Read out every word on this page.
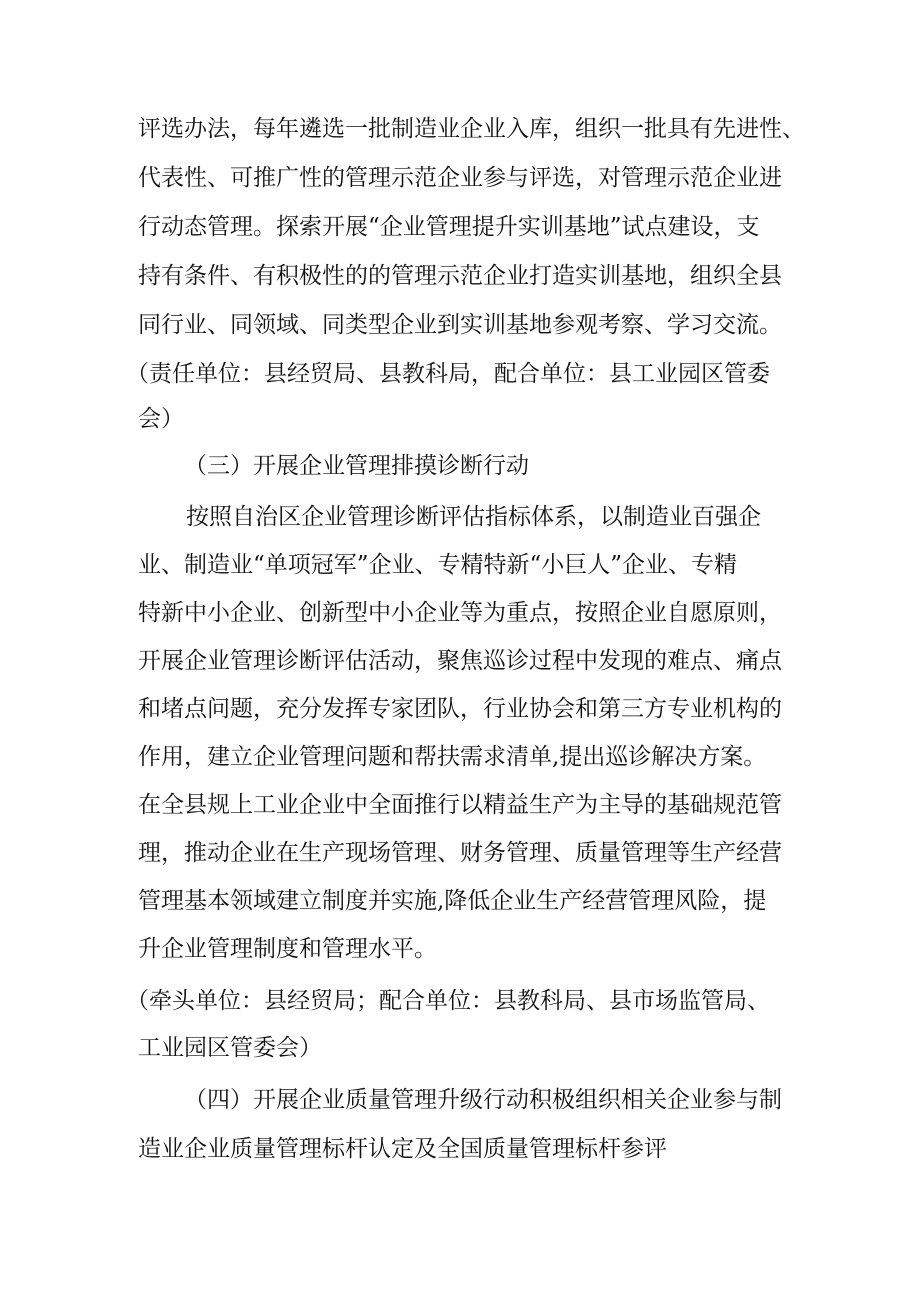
评选办法，每年遴选一批制造业企业入库，组织一批具有先进性、
代表性、可推广性的管理示范企业参与评选，对管理示范企业进
行动态管理。探索开展“企业管理提升实训基地”试点建设，支
持有条件、有积极性的的管理示范企业打造实训基地，组织全县
同行业、同领域、同类型企业到实训基地参观考察、学习交流。
（责任单位：县经贸局、县教科局，配合单位：县工业园区管委
会）
（三）开展企业管理排摸诊断行动
按照自治区企业管理诊断评估指标体系，以制造业百强企
业、制造业“单项冠军”企业、专精特新“小巨人”企业、专精
特新中小企业、创新型中小企业等为重点，按照企业自愿原则，
开展企业管理诊断评估活动，聚焦巡诊过程中发现的难点、痛点
和堵点问题，充分发挥专家团队，行业协会和第三方专业机构的
作用，建立企业管理问题和帮扶需求清单,提出巡诊解决方案。
在全县规上工业企业中全面推行以精益生产为主导的基础规范管
理，推动企业在生产现场管理、财务管理、质量管理等生产经营
管理基本领域建立制度并实施,降低企业生产经营管理风险，提
升企业管理制度和管理水平。
（牵头单位：县经贸局；配合单位：县教科局、县市场监管局、
工业园区管委会）
（四）开展企业质量管理升级行动积极组织相关企业参与制
造业企业质量管理标杆认定及全国质量管理标杆参评
